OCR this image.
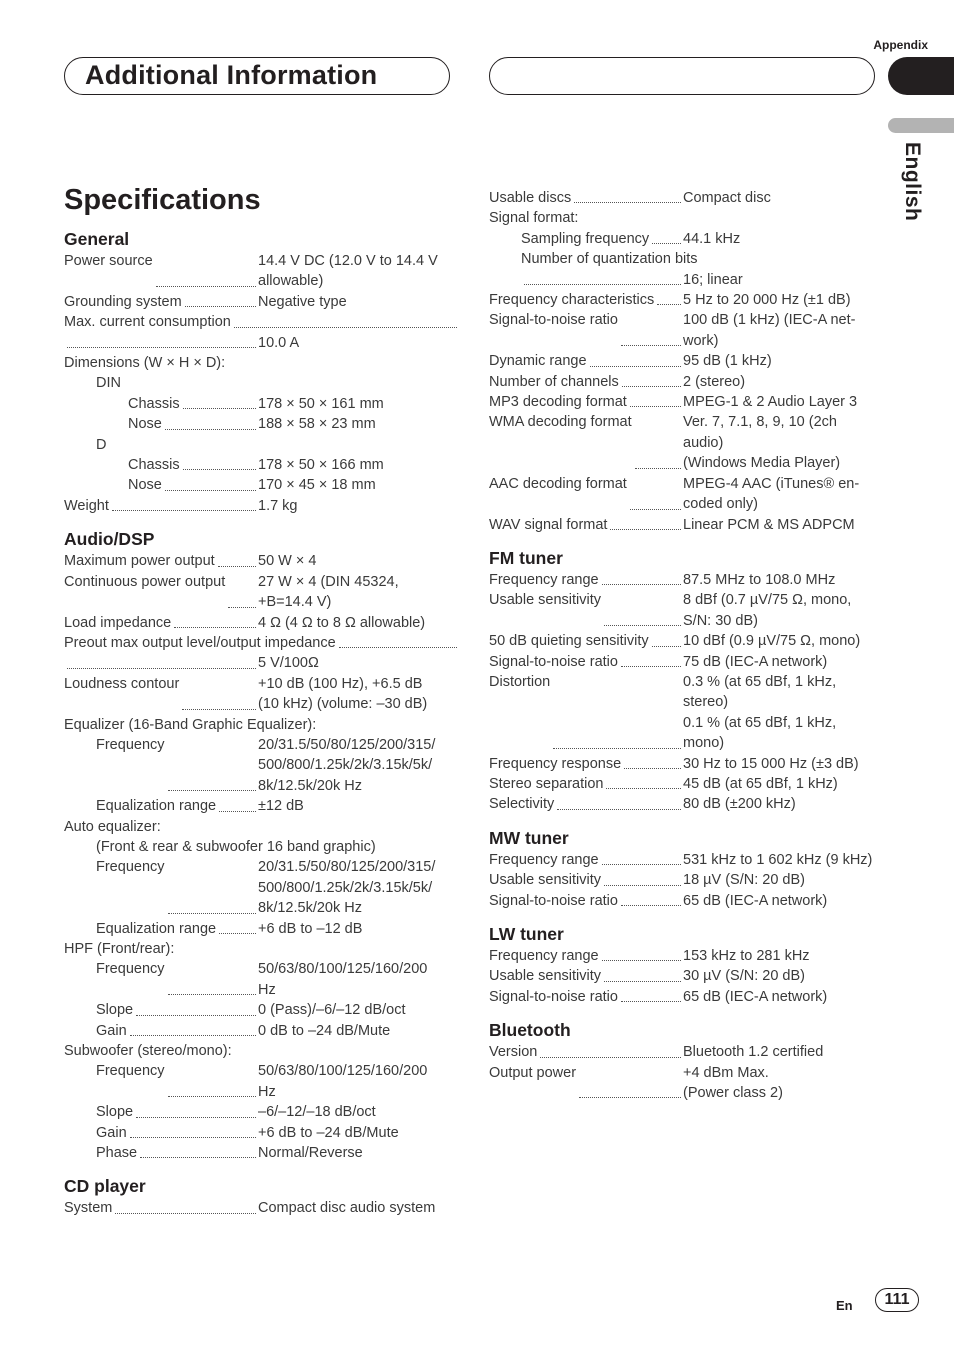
Appendix
Additional Information
English
Specifications
General
Power source	14.4 V DC (12.0 V to 14.4 V
allowable)
Grounding system	Negative type
Max. current consumption
10.0 A
Dimensions (W × H × D):
DIN
Chassis	178 × 50 × 161 mm
Nose	188 × 58 × 23 mm
D
Chassis	178 × 50 × 166 mm
Nose	170 × 45 × 18 mm
Weight	1.7 kg
Audio/DSP
Maximum power output	50 W × 4
Continuous power output 27 W × 4 (DIN 45324,
+B=14.4 V)
Load impedance	4 Ω (4 Ω to 8 Ω allowable)
Preout max output level/output impedance
5 V/100Ω
Loudness contour	+10 dB (100 Hz), +6.5 dB
(10 kHz) (volume: –30 dB)
Equalizer (16-Band Graphic Equalizer):
Frequency	20/31.5/50/80/125/200/315/
500/800/1.25k/2k/3.15k/5k/
8k/12.5k/20k Hz
Equalization range	±12 dB
Auto equalizer:
(Front & rear & subwoofer 16 band graphic)
Frequency	20/31.5/50/80/125/200/315/
500/800/1.25k/2k/3.15k/5k/
8k/12.5k/20k Hz
Equalization range	+6 dB to –12 dB
HPF (Front/rear):
Frequency	50/63/80/100/125/160/200
Hz
Slope	0 (Pass)/–6/–12 dB/oct
Gain	0 dB to –24 dB/Mute
Subwoofer (stereo/mono):
Frequency	50/63/80/100/125/160/200
Hz
Slope	–6/–12/–18 dB/oct
Gain	+6 dB to –24 dB/Mute
Phase	Normal/Reverse
CD player
System	Compact disc audio system
Usable discs	Compact disc
Signal format:
Sampling frequency 44.1 kHz
Number of quantization bits
16; linear
Frequency characteristics 5 Hz to 20 000 Hz (±1 dB)
Signal-to-noise ratio	100 dB (1 kHz) (IEC-A net-
work)
Dynamic range	95 dB (1 kHz)
Number of channels	2 (stereo)
MP3 decoding format	MPEG-1 & 2 Audio Layer 3
WMA decoding format	Ver. 7, 7.1, 8, 9, 10 (2ch
audio)
(Windows Media Player)
AAC decoding format	MPEG-4 AAC (iTunes® en-
coded only)
WAV signal format	Linear PCM & MS ADPCM
FM tuner
Frequency range	87.5 MHz to 108.0 MHz
Usable sensitivity	8 dBf (0.7 µV/75 Ω, mono,
S/N: 30 dB)
50 dB quieting sensitivity 10 dBf (0.9 µV/75 Ω, mono)
Signal-to-noise ratio	75 dB (IEC-A network)
Distortion	0.3 % (at 65 dBf, 1 kHz,
stereo)
0.1 % (at 65 dBf, 1 kHz,
mono)
Frequency response	30 Hz to 15 000 Hz (±3 dB)
Stereo separation	45 dB (at 65 dBf, 1 kHz)
Selectivity	80 dB (±200 kHz)
MW tuner
Frequency range	531 kHz to 1 602 kHz (9 kHz)
Usable sensitivity	18 µV (S/N: 20 dB)
Signal-to-noise ratio	65 dB (IEC-A network)
LW tuner
Frequency range	153 kHz to 281 kHz
Usable sensitivity	30 µV (S/N: 20 dB)
Signal-to-noise ratio	65 dB (IEC-A network)
Bluetooth
Version	Bluetooth 1.2 certified
Output power	+4 dBm Max.
(Power class 2)
En	111
